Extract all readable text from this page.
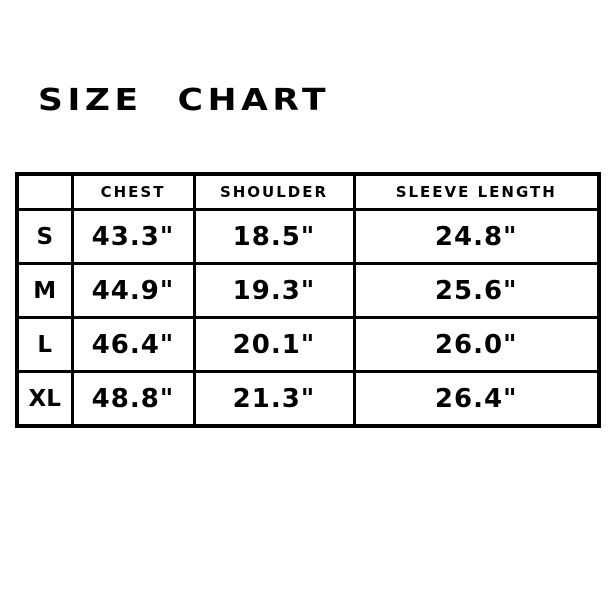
SIZE CHART
	CHEST	SHOULDER	SLEEVE LENGTH
S	43.3"	18.5"	24.8"
M	44.9"	19.3"	25.6"
L	46.4"	20.1"	26.0"
XL	48.8"	21.3"	26.4"
